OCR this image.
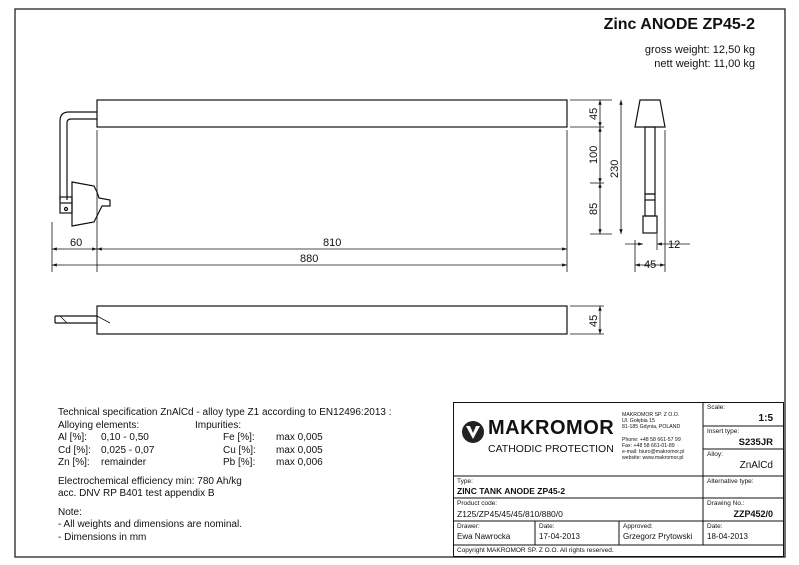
60	810
880
45
100
85
230
12
45
45
Zinc ANODE ZP45-2
gross weight: 12,50 kg
nett weight: 11,00 kg
Technical specification ZnAlCd - alloy type Z1 according to EN12496:2013 :
Alloying elements:	Impurities:
Al [%]: 0,10 - 0,50	Fe [%]: max 0,005
Cd [%]: 0,025 - 0,07	Cu [%]: max 0,005
Zn [%]: remainder	Pb [%]: max 0,006
Electrochemical efficiency min: 780 Ah/kg
acc. DNV RP B401 test appendix B
Note:
- All weights and dimensions are nominal.
- Dimensions in mm
MAKROMOR
CATHODIC PROTECTION
MAKROMOR SP. Z O.O.
Ul. Gołębia 15
81-185 Gdynia, POLAND
Phone: +48 58 661-57 99
Fax: +48 58 661-01-89
e-mail: biuro@makromor.pl
website: www.makromor.pl
Scale:
1:5
Insert type:
S235JR
Alloy:
ZnAlCd
Type:
ZINC TANK ANODE ZP45-2
Alternative type:
Product code:
Z125/ZP45/45/45/810/880/0
Drawing No.:
ZZP452/0
Drawer:
Ewa Nawrocka
Date:
17-04-2013
Approved:
Grzegorz Prytowski
Date:
18-04-2013
Copyright MAKROMOR SP. Z O.O. All rights reserved.
